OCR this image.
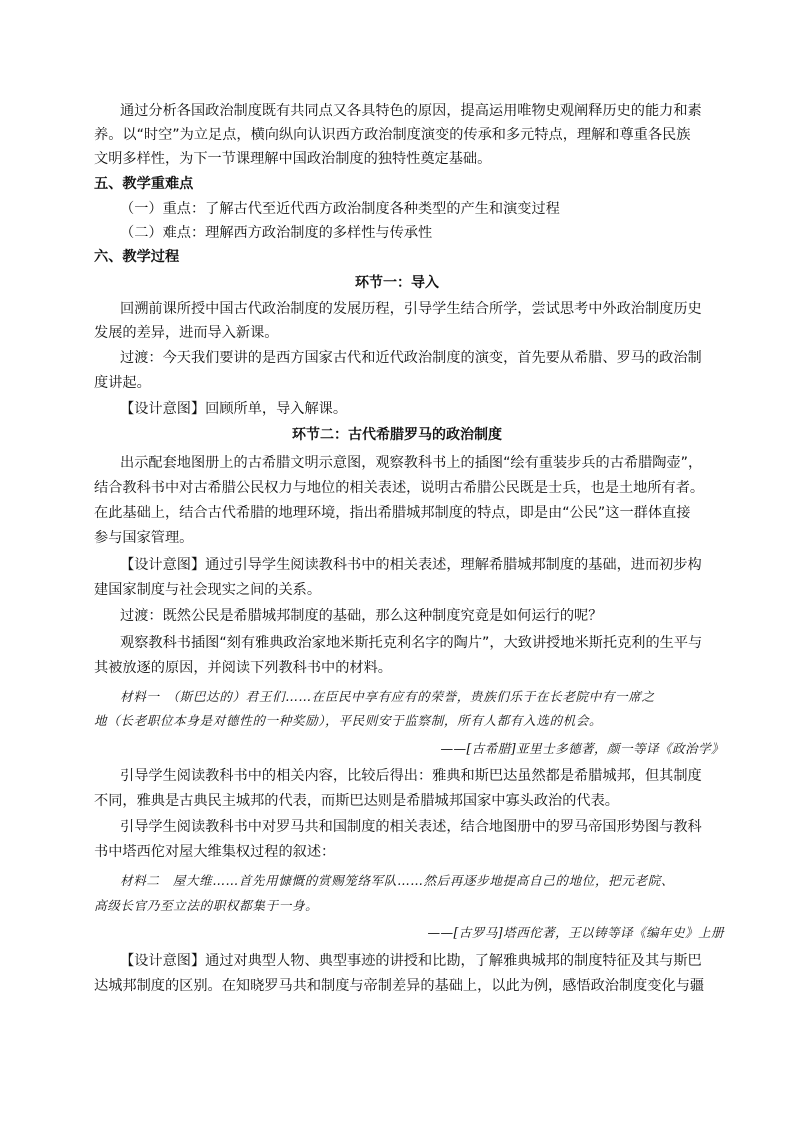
通过分析各国政治制度既有共同点又各具特色的原因，提高运用唯物史观阐释历史的能力和素
养。以“时空”为立足点，横向纵向认识西方政治制度演变的传承和多元特点，理解和尊重各民族
文明多样性，为下一节课理解中国政治制度的独特性奠定基础。
五、教学重难点
（一）重点：了解古代至近代西方政治制度各种类型的产生和演变过程
（二）难点：理解西方政治制度的多样性与传承性
六、教学过程
环节一：导入
回溯前课所授中国古代政治制度的发展历程，引导学生结合所学，尝试思考中外政治制度历史
发展的差异，进而导入新课。
过渡：今天我们要讲的是西方国家古代和近代政治制度的演变，首先要从希腊、罗马的政治制
度讲起。
【设计意图】回顾所单，导入解课。
环节二：古代希腊罗马的政治制度
出示配套地图册上的古希腊文明示意图，观察教科书上的插图“绘有重装步兵的古希腊陶壶”，
结合教科书中对古希腊公民权力与地位的相关表述，说明古希腊公民既是士兵，也是土地所有者。
在此基础上，结合古代希腊的地理环境，指出希腊城邦制度的特点，即是由“公民”这一群体直接
参与国家管理。
【设计意图】通过引导学生阅读教科书中的相关表述，理解希腊城邦制度的基础，进而初步构
建国家制度与社会现实之间的关系。
过渡：既然公民是希腊城邦制度的基础，那么这种制度究竟是如何运行的呢？
观察教科书插图“刻有雅典政治家地米斯托克利名字的陶片”，大致讲授地米斯托克利的生平与
其被放逐的原因，并阅读下列教科书中的材料。
材料一　（斯巴达的）君王们……在臣民中享有应有的荣誉，贵族们乐于在长老院中有一席之
地（长老职位本身是对德性的一种奖励），平民则安于监察制，所有人都有入选的机会。
——[古希腊]亚里士多德著，颜一等译《政治学》
引导学生阅读教科书中的相关内容，比较后得出：雅典和斯巴达虽然都是希腊城邦，但其制度
不同，雅典是古典民主城邦的代表，而斯巴达则是希腊城邦国家中寡头政治的代表。
引导学生阅读教科书中对罗马共和国制度的相关表述，结合地图册中的罗马帝国形势图与教科
书中塔西佗对屋大维集权过程的叙述：
材料二　屋大维……首先用慷慨的赏赐笼络军队……然后再逐步地提高自己的地位，把元老院、
高级长官乃至立法的职权都集于一身。
——[古罗马]塔西佗著，王以铸等译《编年史》上册
【设计意图】通过对典型人物、典型事迹的讲授和比勘，了解雅典城邦的制度特征及其与斯巴
达城邦制度的区别。在知晓罗马共和制度与帝制差异的基础上，以此为例，感悟政治制度变化与疆
